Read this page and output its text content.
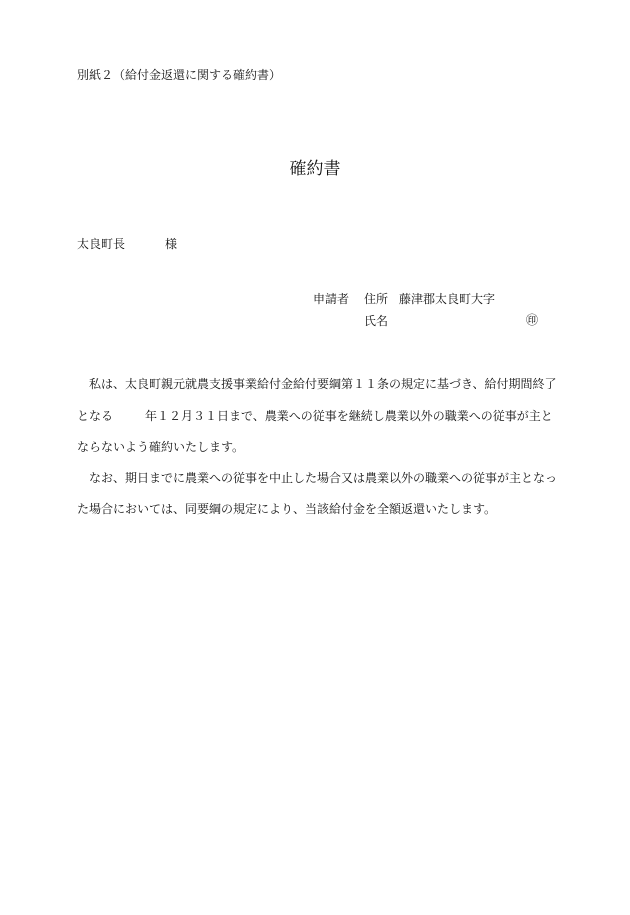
別紙２（給付金返還に関する確約書）
確約書
太良町長	様
申請者 住所 藤津郡太良町大字
氏名	㊞
私は、太良町親元就農支援事業給付金給付要綱第１１条の規定に基づき、給付期間終了
となる	年１２月３１日まで、農業への従事を継続し農業以外の職業への従事が主と
ならないよう確約いたします。
なお、期日までに農業への従事を中止した場合又は農業以外の職業への従事が主となっ
た場合においては、同要綱の規定により、当該給付金を全額返還いたします。
